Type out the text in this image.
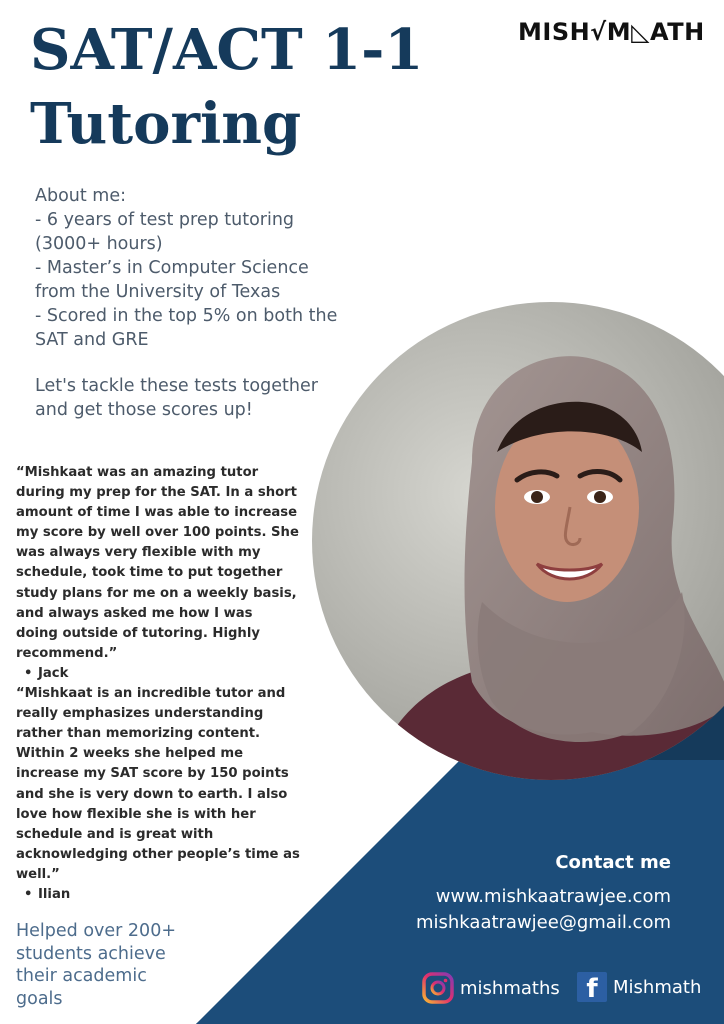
SAT/ACT 1-1
Tutoring
MISH√M◺ATH
About me:
- 6 years of test prep tutoring
(3000+ hours)
- Master’s in Computer Science
from the University of Texas
- Scored in the top 5% on both the
SAT and GRE
Let's tackle these tests together
and get those scores up!
“Mishkaat was an amazing tutor
during my prep for the SAT. In a short
amount of time I was able to increase
my score by well over 100 points. She
was always very flexible with my
schedule, took time to put together
study plans for me on a weekly basis,
and always asked me how I was
doing outside of tutoring. Highly
recommend.”
• Jack
“Mishkaat is an incredible tutor and
really emphasizes understanding
rather than memorizing content.
Within 2 weeks she helped me
increase my SAT score by 150 points
and she is very down to earth. I also
love how flexible she is with her
schedule and is great with
acknowledging other people’s time as
well.”
• Ilian
Helped over 200+
students achieve
their academic
goals
Contact me
www.mishkaatrawjee.com
mishkaatrawjee@gmail.com
mishmaths	f Mishmath
